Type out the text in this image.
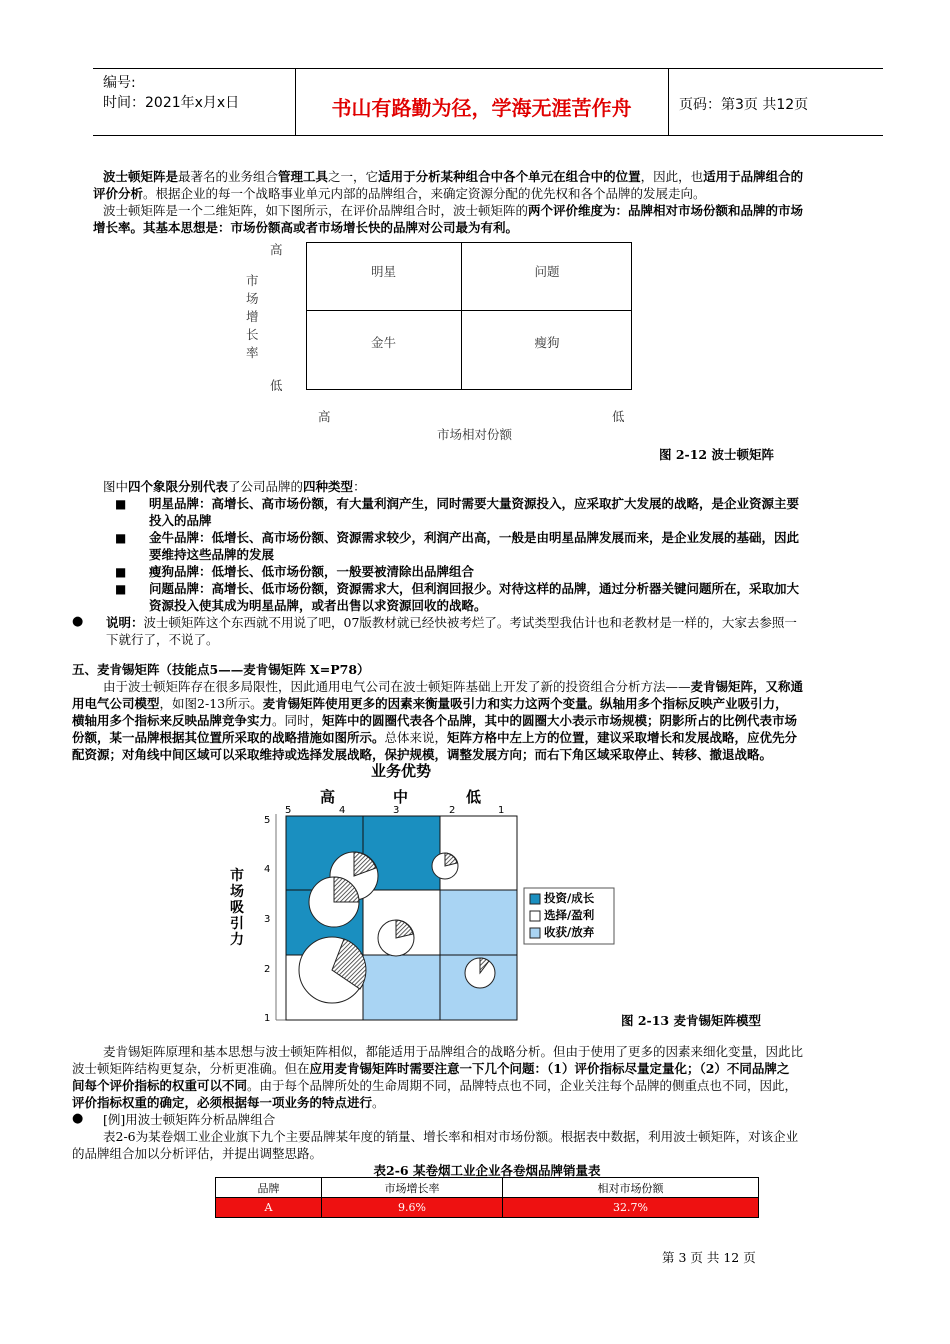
编号:
时间：2021年x月x日	书山有路勤为径，学海无涯苦作舟	页码：第3页 共12页

波士顿矩阵是最著名的业务组合管理工具之一，它适用于分析某种组合中各个单元在组合中的位置，因此，也适用于品牌组合的

评价分析。根据企业的每一个战略事业单元内部的品牌组合，来确定资源分配的优先权和各个品牌的发展走向。

波士顿矩阵是一个二维矩阵，如下图所示，在评价品牌组合时，波士顿矩阵的两个评价维度为：品牌相对市场份额和品牌的市场

增长率。其基本思想是：市场份额高或者市场增长快的品牌对公司最为有利。

高
低
市
场
增
长
率
明星	问题
金牛	瘦狗
高	低
市场相对份额
图 2-12 波士顿矩阵

图中四个象限分别代表了公司品牌的四种类型：

■ 明星品牌：高增长、高市场份额，有大量利润产生，同时需要大量资源投入，应采取扩大发展的战略，是企业资源主要

投入的品牌

■ 金牛品牌：低增长、高市场份额、资源需求较少，利润产出高，一般是由明星品牌发展而来，是企业发展的基础，因此

要维持这些品牌的发展

■ 瘦狗品牌：低增长、低市场份额，一般要被清除出品牌组合

■ 问题品牌：高增长、低市场份额，资源需求大，但利润回报少。对待这样的品牌，通过分析器关键问题所在，采取加大

资源投入使其成为明星品牌，或者出售以求资源回收的战略。

● 说明：波士顿矩阵这个东西就不用说了吧，07版教材就已经快被考烂了。考试类型我估计也和老教材是一样的，大家去参照一

下就行了，不说了。

五、麦肯锡矩阵（技能点5——麦肯锡矩阵 X=P78）

由于波士顿矩阵存在很多局限性，因此通用电气公司在波士顿矩阵基础上开发了新的投资组合分析方法——麦肯锡矩阵，又称通

用电气公司模型，如图2-13所示。麦肯锡矩阵使用更多的因素来衡量吸引力和实力这两个变量。纵轴用多个指标反映产业吸引力，

横轴用多个指标来反映品牌竞争实力。同时，矩阵中的圆圈代表各个品牌，其中的圆圈大小表示市场规模；阴影所占的比例代表市场

份额，某一品牌根据其位置所采取的战略措施如图所示。总体来说，矩阵方格中左上方的位置，建议采取增长和发展战略，应优先分

配资源；对角线中间区域可以采取维持或选择发展战略，保护规模，调整发展方向；而右下角区域采取停止、转移、撤退战略。

业务优势
高	中	低
5	4	3	2	1
5
4
3
2
1
市
场
吸
引
力
投资/成长
选择/盈利
收获/放弃
图 2-13 麦肯锡矩阵模型

麦肯锡矩阵原理和基本思想与波士顿矩阵相似，都能适用于品牌组合的战略分析。但由于使用了更多的因素来细化变量，因此比

波士顿矩阵结构更复杂，分析更准确。但在应用麦肯锡矩阵时需要注意一下几个问题：（1）评价指标尽量定量化；（2）不同品牌之

间每个评价指标的权重可以不同。由于每个品牌所处的生命周期不同，品牌特点也不同，企业关注每个品牌的侧重点也不同，因此，

评价指标权重的确定，必须根据每一项业务的特点进行。

● [例]用波士顿矩阵分析品牌组合

表2-6为某卷烟工业企业旗下九个主要品牌某年度的销量、增长率和相对市场份额。根据表中数据，利用波士顿矩阵，对该企业

的品牌组合加以分析评估，并提出调整思路。

表2-6 某卷烟工业企业各卷烟品牌销量表
品牌	市场增长率	相对市场份额
A	9.6%	32.7%
第 3 页 共 12 页
